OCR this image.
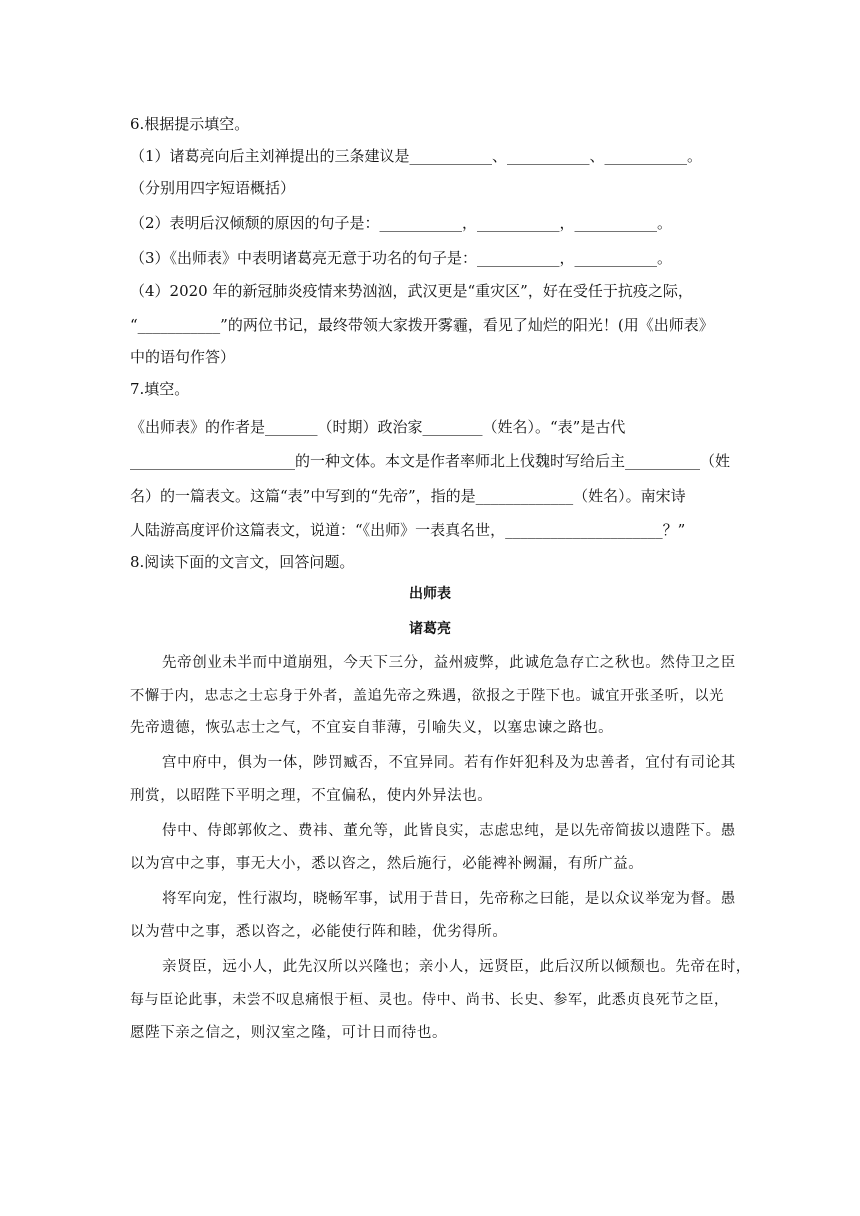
6.根据提示填空。
（1）诸葛亮向后主刘禅提出的三条建议是___________、___________、___________。
（分别用四字短语概括）
（2）表明后汉倾颓的原因的句子是：___________，___________，___________。
（3）《出师表》中表明诸葛亮无意于功名的句子是：___________，___________。
（4）2020 年的新冠肺炎疫情来势汹汹，武汉更是“重灾区”，好在受任于抗疫之际，
“___________”的两位书记，最终带领大家拨开雾霾，看见了灿烂的阳光！(用《出师表》
中的语句作答）
7.填空。
《出师表》的作者是_______（时期）政治家________（姓名）。“表”是古代
______________________的一种文体。本文是作者率师北上伐魏时写给后主__________（姓
名）的一篇表文。这篇“表”中写到的“先帝”，指的是_____________（姓名）。南宋诗
人陆游高度评价这篇表文，说道：“《出师》一表真名世，_____________________？”
8.阅读下面的文言文，回答问题。
出师表
诸葛亮
先帝创业未半而中道崩殂，今天下三分，益州疲弊，此诚危急存亡之秋也。然侍卫之臣
不懈于内，忠志之士忘身于外者，盖追先帝之殊遇，欲报之于陛下也。诚宜开张圣听，以光
先帝遗德，恢弘志士之气，不宜妄自菲薄，引喻失义，以塞忠谏之路也。
宫中府中，俱为一体，陟罚臧否，不宜异同。若有作奸犯科及为忠善者，宜付有司论其
刑赏，以昭陛下平明之理，不宜偏私，使内外异法也。
侍中、侍郎郭攸之、费祎、董允等，此皆良实，志虑忠纯，是以先帝简拔以遗陛下。愚
以为宫中之事，事无大小，悉以咨之，然后施行，必能裨补阙漏，有所广益。
将军向宠，性行淑均，晓畅军事，试用于昔日，先帝称之曰能，是以众议举宠为督。愚
以为营中之事，悉以咨之，必能使行阵和睦，优劣得所。
亲贤臣，远小人，此先汉所以兴隆也；亲小人，远贤臣，此后汉所以倾颓也。先帝在时，
每与臣论此事，未尝不叹息痛恨于桓、灵也。侍中、尚书、长史、参军，此悉贞良死节之臣，
愿陛下亲之信之，则汉室之隆，可计日而待也。
